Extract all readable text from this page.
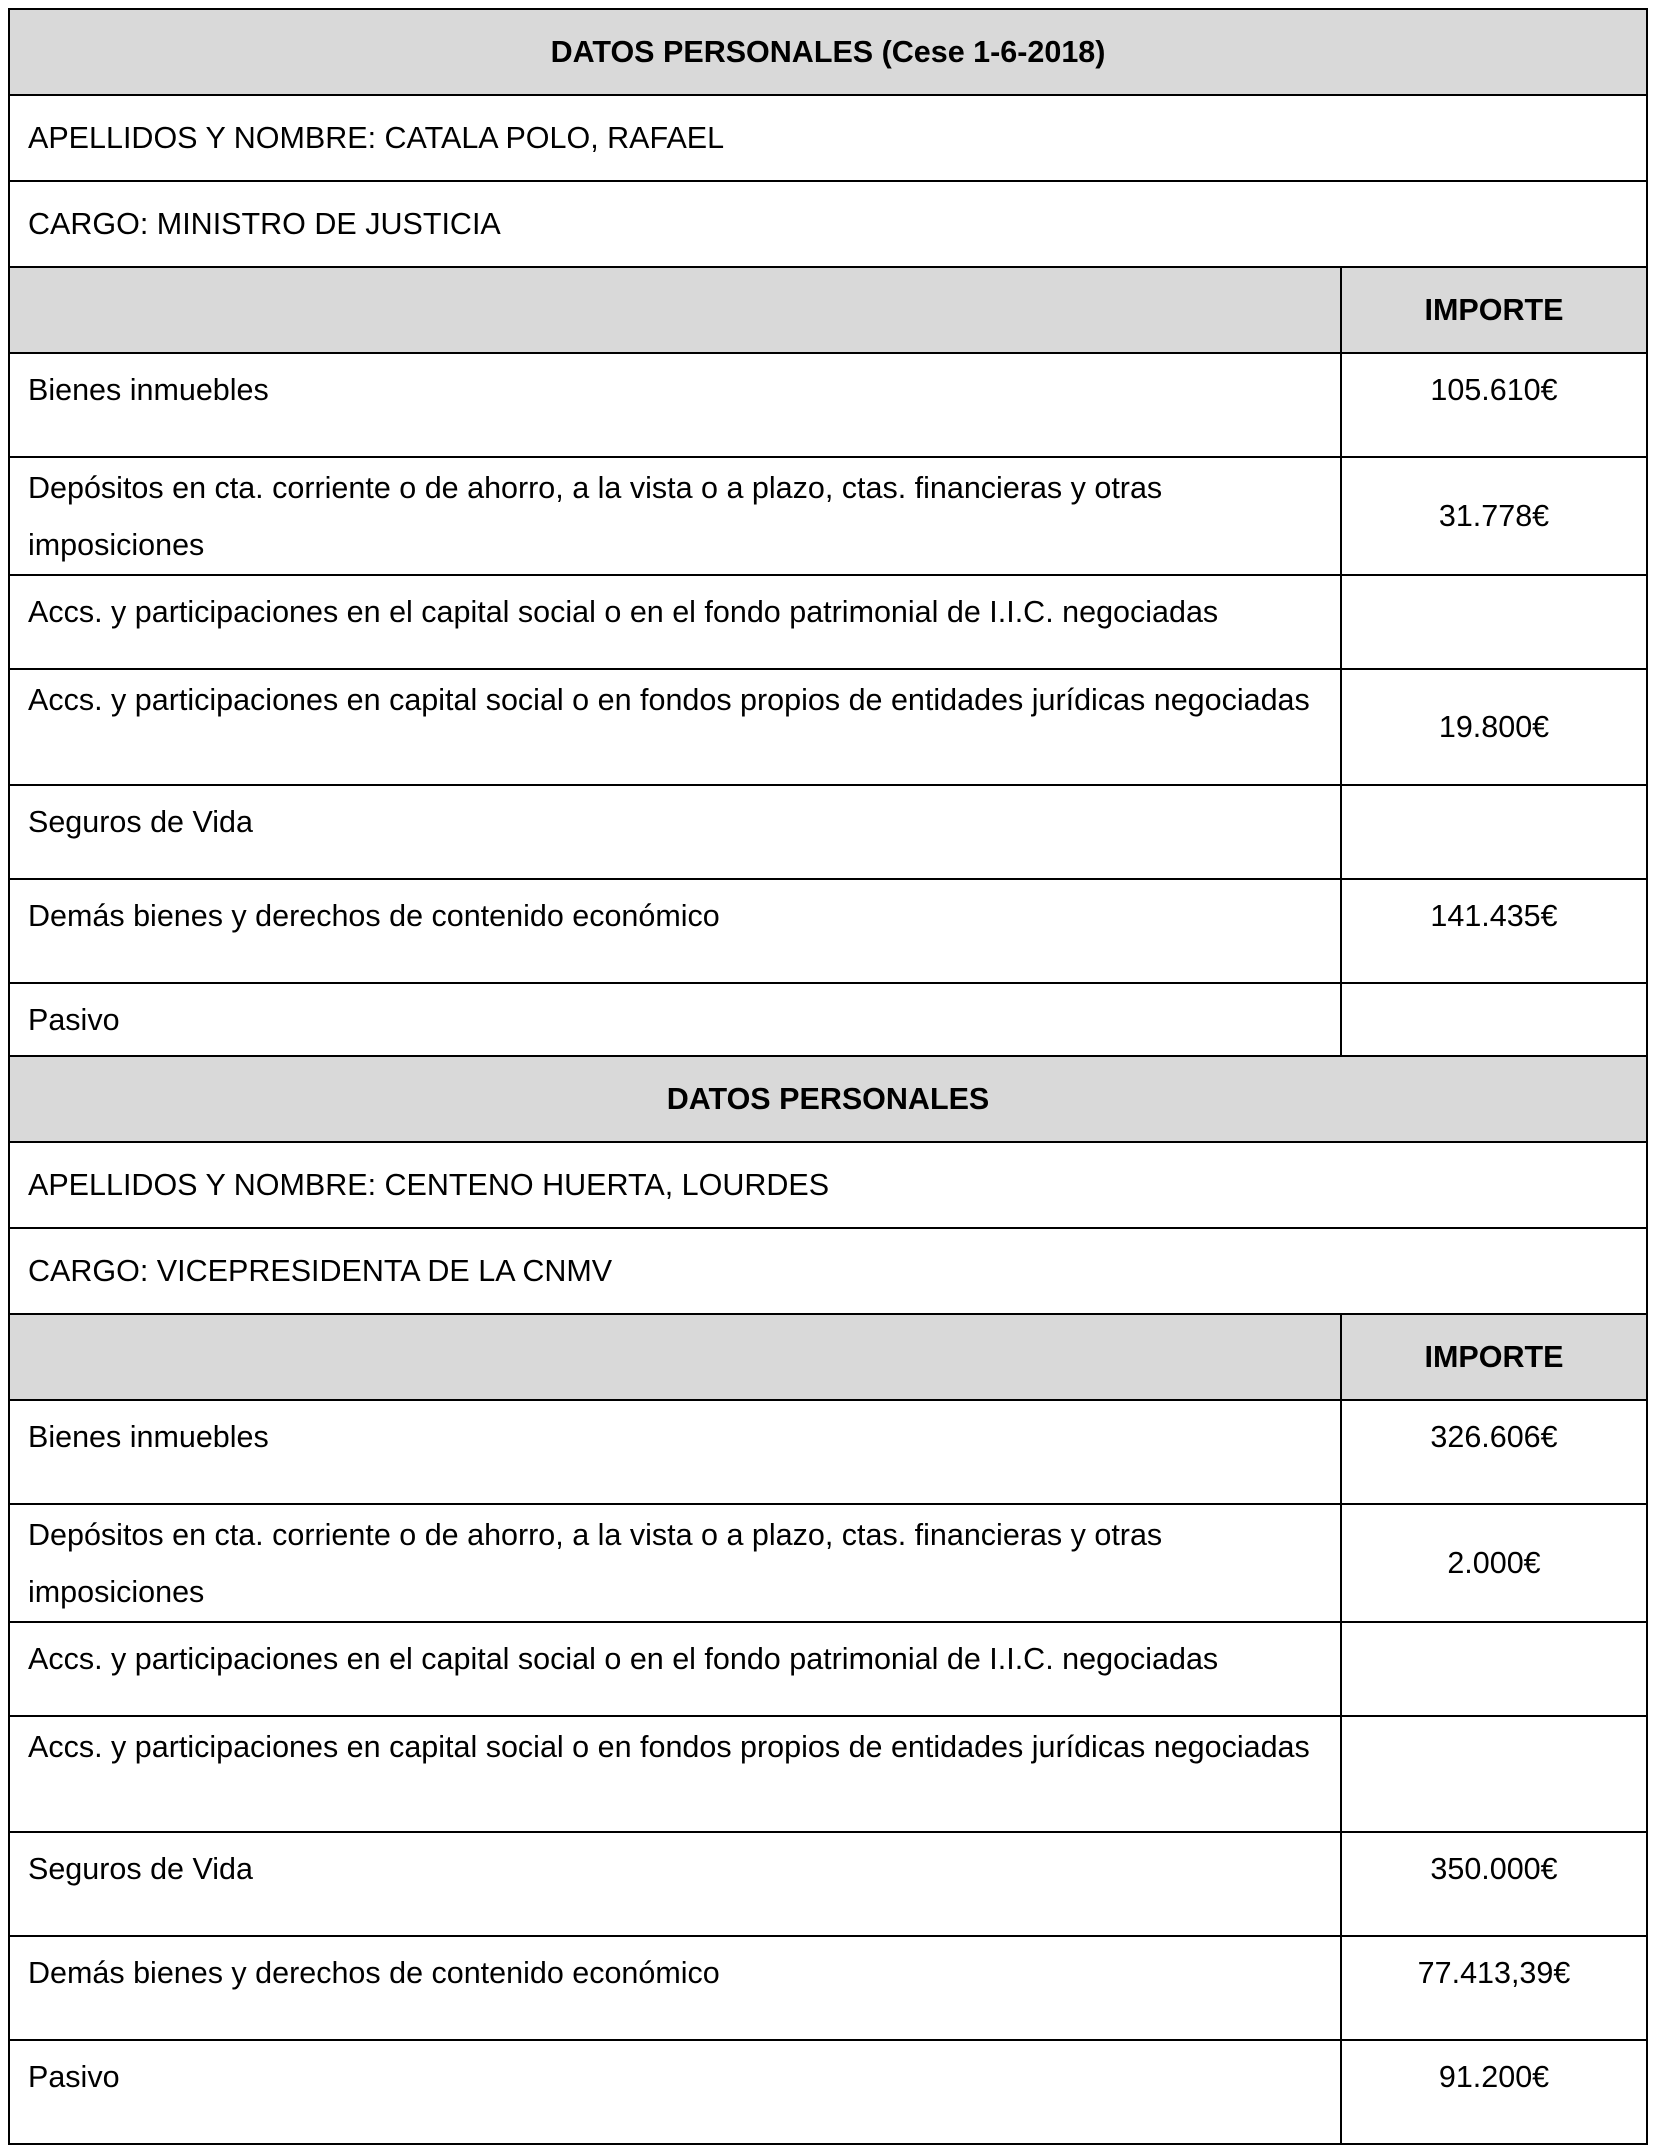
DATOS PERSONALES (Cese 1-6-2018)	
APELLIDOS Y NOMBRE: CATALA POLO, RAFAEL	
CARGO: MINISTRO DE JUSTICIA	
	IMPORTE
Bienes inmuebles	105.610€
Depósitos en cta. corriente o de ahorro, a la vista o a plazo, ctas. financieras y otras imposiciones	31.778€
Accs. y participaciones en el capital social o en el fondo patrimonial de I.I.C. negociadas	
Accs. y participaciones en capital social o en fondos propios de entidades jurídicas negociadas	19.800€
Seguros de Vida	
Demás bienes y derechos de contenido económico	141.435€
Pasivo	
DATOS PERSONALES	
APELLIDOS Y NOMBRE: CENTENO HUERTA, LOURDES	
CARGO: VICEPRESIDENTA DE LA CNMV	
	IMPORTE
Bienes inmuebles	326.606€
Depósitos en cta. corriente o de ahorro, a la vista o a plazo, ctas. financieras y otras imposiciones	2.000€
Accs. y participaciones en el capital social o en el fondo patrimonial de I.I.C. negociadas	
Accs. y participaciones en capital social o en fondos propios de entidades jurídicas negociadas	
Seguros de Vida	350.000€
Demás bienes y derechos de contenido económico	77.413,39€
Pasivo	91.200€
